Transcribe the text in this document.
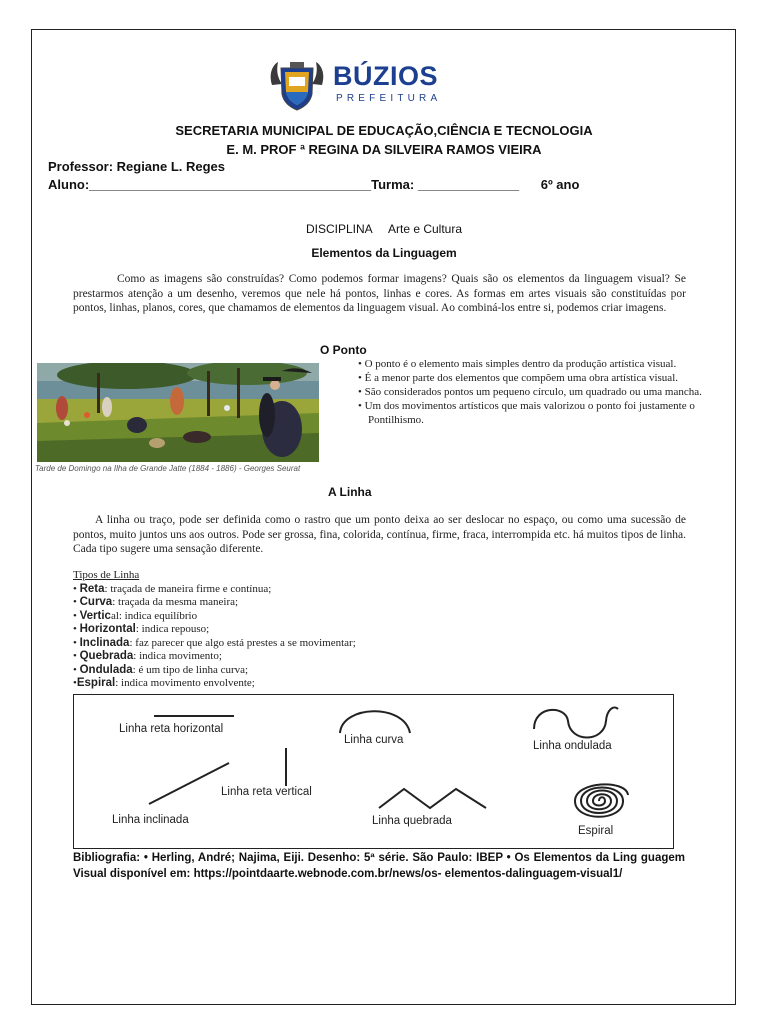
BÚZIOS
PREFEITURA
SECRETARIA MUNICIPAL DE EDUCAÇÃO,CIÊNCIA E TECNOLOGIA
E. M. PROF ª REGINA DA SILVEIRA RAMOS VIEIRA
Professor: Regiane L. Reges
Aluno:_______________________________________Turma: ______________      6º ano
DISCIPLINA     Arte e Cultura
Elementos da Linguagem
Como as imagens são construídas? Como podemos formar imagens? Quais são os elementos da linguagem visual? Se prestarmos atenção a um desenho, veremos que nele há pontos, linhas e cores. As formas em artes visuais são constituídas por pontos, linhas, planos, cores, que chamamos de elementos da linguagem visual. Ao combiná-los entre si, podemos criar imagens.
O Ponto
Tarde de Domingo na Ilha de Grande Jatte (1884 - 1886) - Georges Seurat
• O ponto é o elemento mais simples dentro da produção artística visual.
• É a menor parte dos elementos que compõem uma obra artística visual.
• São considerados pontos um pequeno círculo, um quadrado ou uma mancha.
• Um dos movimentos artísticos que mais valorizou o ponto foi justamente o Pontilhismo.
A Linha
A linha ou traço, pode ser definida como o rastro que um ponto deixa ao ser deslocar no espaço, ou como uma sucessão de pontos, muito juntos uns aos outros. Pode ser grossa, fina, colorida, contínua, firme, fraca, interrompida etc. há muitos tipos de linha. Cada tipo sugere uma sensação diferente.
Tipos de Linha
• Reta: traçada de maneira firme e contínua;
• Curva: traçada da mesma maneira;
• Vertical: indica equilíbrio
• Horizontal: indica repouso;
• Inclinada: faz parecer que algo está prestes a se movimentar;
• Quebrada: indica movimento;
• Ondulada: é um tipo de linha curva;
•Espiral: indica movimento envolvente;
Linha reta horizontal
Linha curva	Linha ondulada
Linha reta vertical
Linha inclinada	Linha quebrada
Espiral
Bibliografia: • Herling, André; Najima, Eiji. Desenho: 5ª série. São Paulo: IBEP • Os Elementos da Ling guagem Visual disponível em: https://pointdaarte.webnode.com.br/news/os- elementos-dalinguagem-visual1/
